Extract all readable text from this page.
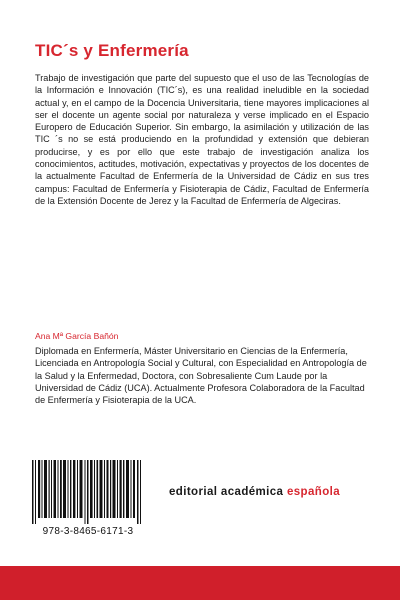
TIC´s y Enfermería
Trabajo de investigación que parte del supuesto que el uso de las Tecnologías de la Información e Innovación (TIC´s), es una realidad ineludible en la sociedad actual y, en el campo de la Docencia Universitaria, tiene mayores implicaciones al ser el docente un agente social por naturaleza y verse implicado en el Espacio Europero de Educación Superior. Sin embargo, la asimilación y utilización de las TIC ´s no se está produciendo en la profundidad y extensión que debieran producirse, y es por ello que este trabajo de investigación analiza los conocimientos, actitudes, motivación, expectativas y proyectos de los docentes de la actualmente Facultad de Enfermería de la Universidad de Cádiz en sus tres campus: Facultad de Enfermería y Fisioterapia de Cádiz, Facultad de Enfermería de la Extensión Docente de Jerez y la Facultad de Enfermería de Algeciras.
Ana Mª García Bañón
Diplomada en Enfermería, Máster Universitario en Ciencias de la Enfermería, Licenciada en Antropología Social y Cultural, con Especialidad en Antropología de la Salud y la Enfermedad, Doctora, con Sobresaliente Cum Laude por la Universidad de Cádiz (UCA). Actualmente Profesora Colaboradora de la Facultad de Enfermería y Fisioterapia de la UCA.
978-3-8465-6171-3
editorial académica española
